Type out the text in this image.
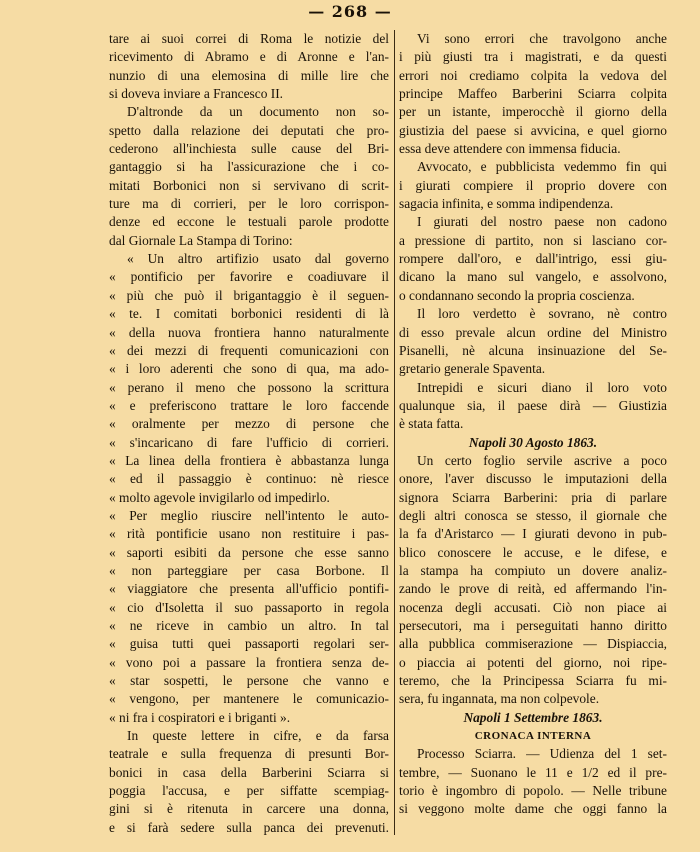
— 268 —
tare ai suoi correi di Roma le notizie del
ricevimento di Abramo e di Aronne e l'an-
nunzio di una elemosina di mille lire che
si doveva inviare a Francesco II.
D'altronde da un documento non so-
spetto dalla relazione dei deputati che pro-
cederono all'inchiesta sulle cause del Bri-
gantaggio si ha l'assicurazione che i co-
mitati Borbonici non si servivano di scrit-
ture ma di corrieri, per le loro corrispon-
denze ed eccone le testuali parole prodotte
dal Giornale La Stampa di Torino:
« Un altro artifizio usato dal governo
« pontificio per favorire e coadiuvare il
« più che può il brigantaggio è il seguen-
« te. I comitati borbonici residenti di là
« della nuova frontiera hanno naturalmente
« dei mezzi di frequenti comunicazioni con
« i loro aderenti che sono di qua, ma ado-
« perano il meno che possono la scrittura
« e preferiscono trattare le loro faccende
« oralmente per mezzo di persone che
« s'incaricano di fare l'ufficio di corrieri.
« La linea della frontiera è abbastanza lunga
« ed il passaggio è continuo: nè riesce
« molto agevole invigilarlo od impedirlo.
« Per meglio riuscire nell'intento le auto-
« rità pontificie usano non restituire i pas-
« saporti esibiti da persone che esse sanno
« non parteggiare per casa Borbone. Il
« viaggiatore che presenta all'ufficio pontifi-
« cio d'Isoletta il suo passaporto in regola
« ne riceve in cambio un altro. In tal
« guisa tutti quei passaporti regolari ser-
« vono poi a passare la frontiera senza de-
« star sospetti, le persone che vanno e
« vengono, per mantenere le comunicazio-
« ni fra i cospiratori e i briganti ».
In queste lettere in cifre, e da farsa
teatrale e sulla frequenza di presunti Bor-
bonici in casa della Barberini Sciarra si
poggia l'accusa, e per siffatte scempiag-
gini si è ritenuta in carcere una donna,
e si farà sedere sulla panca dei prevenuti.
Vi sono errori che travolgono anche
i più giusti tra i magistrati, e da questi
errori noi crediamo colpita la vedova del
principe Maffeo Barberini Sciarra colpita
per un istante, imperocchè il giorno della
giustizia del paese si avvicina, e quel giorno
essa deve attendere con immensa fiducia.
Avvocato, e pubblicista vedemmo fin qui
i giurati compiere il proprio dovere con
sagacia infinita, e somma indipendenza.
I giurati del nostro paese non cadono
a pressione di partito, non si lasciano cor-
rompere dall'oro, e dall'intrigo, essi giu-
dicano la mano sul vangelo, e assolvono,
o condannano secondo la propria coscienza.
Il loro verdetto è sovrano, nè contro
di esso prevale alcun ordine del Ministro
Pisanelli, nè alcuna insinuazione del Se-
gretario generale Spaventa.
Intrepidi e sicuri diano il loro voto
qualunque sia, il paese dirà — Giustizia
è stata fatta.
Napoli 30 Agosto 1863.
Un certo foglio servile ascrive a poco
onore, l'aver discusso le imputazioni della
signora Sciarra Barberini: pria di parlare
degli altri conosca se stesso, il giornale che
la fa d'Aristarco — I giurati devono in pub-
blico conoscere le accuse, e le difese, e
la stampa ha compiuto un dovere analiz-
zando le prove di reità, ed affermando l'in-
nocenza degli accusati. Ciò non piace ai
persecutori, ma i perseguitati hanno diritto
alla pubblica commiserazione — Dispiaccia,
o piaccia ai potenti del giorno, noi ripe-
teremo, che la Principessa Sciarra fu mi-
sera, fu ingannata, ma non colpevole.
Napoli 1 Settembre 1863.
CRONACA INTERNA
Processo Sciarra. — Udienza del 1 set-
tembre, — Suonano le 11 e 1/2 ed il pre-
torio è ingombro di popolo. — Nelle tribune
si veggono molte dame che oggi fanno la
